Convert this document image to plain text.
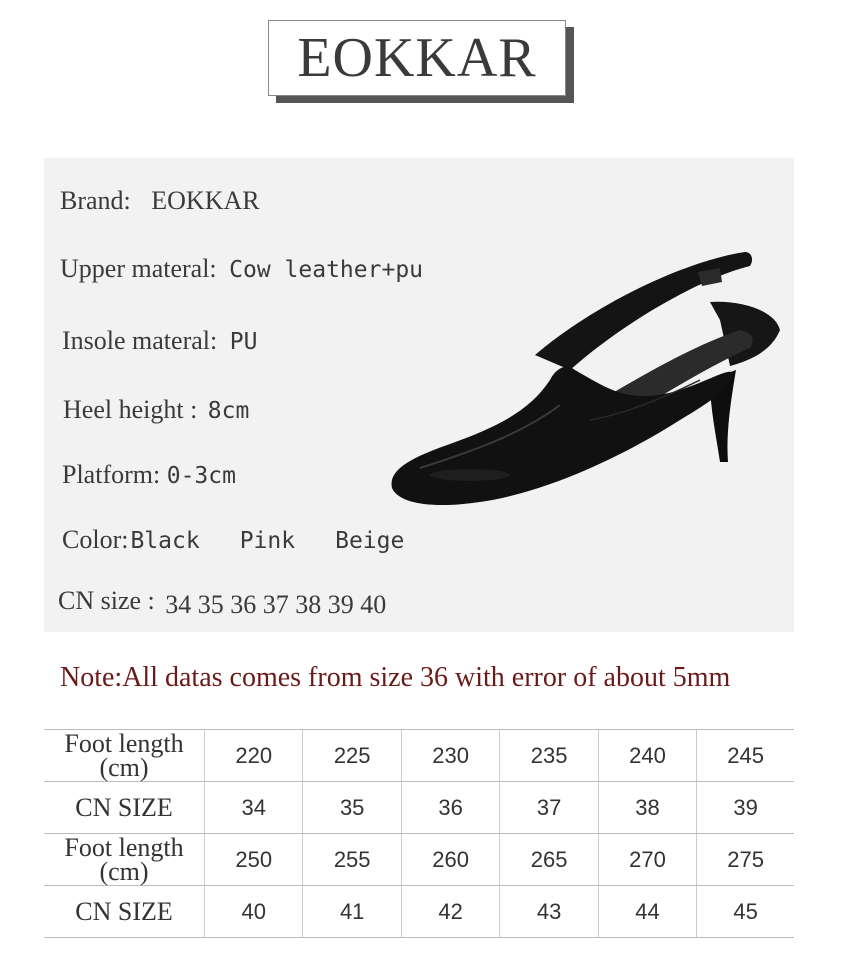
EOKKAR
Brand: EOKKAR
Upper materal: Cow leather+pu
Insole materal: PU
Heel height : 8cm
Platform: 0-3cm
Color:Black Pink Beige
CN size : 34 35 36 37 38 39 40
Note:All datas comes from size 36 with error of about 5mm
Foot length
(cm)	220	225	230	235	240	245
CN SIZE	34	35	36	37	38	39
Foot length
(cm)	250	255	260	265	270	275
CN SIZE	40	41	42	43	44	45
